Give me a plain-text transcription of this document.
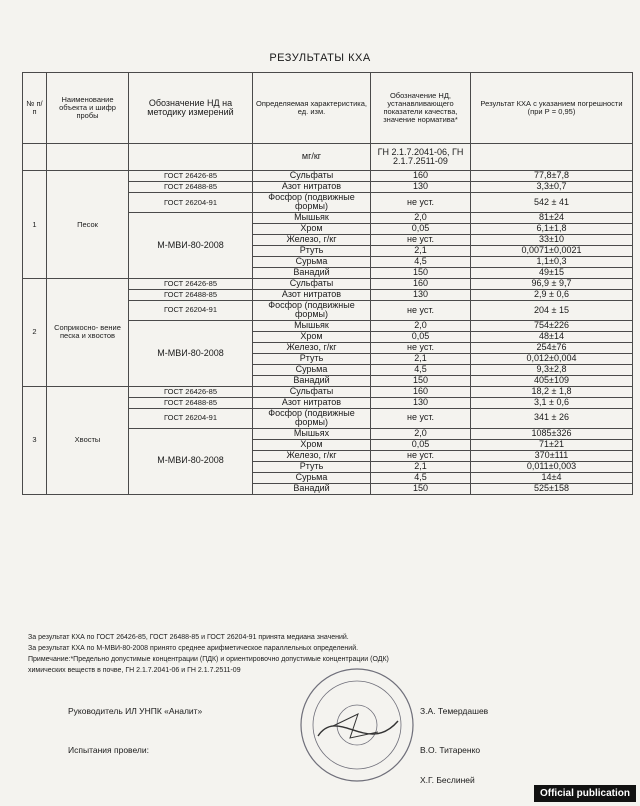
РЕЗУЛЬТАТЫ КХА
№ п/п	Наименование объекта и шифр пробы	Обозначение НД на методику измерений	Определяемая характеристика, ед. изм.	Обозначение НД, устанавливающего показатели качества, значение норматива*	Результат КХА с указанием погрешности (при Р = 0,95)
			мг/кг	ГН 2.1.7.2041-06, ГН 2.1.7.2511-09	
1	Песок	ГОСТ 26426-85	Сульфаты	160	77,8±7,8
		ГОСТ 26488-85	Азот нитратов	130	3,3±0,7
		ГОСТ 26204-91	Фосфор (подвижные формы)	не уст.	542 ± 41
		М-МВИ-80-2008	Мышьяк	2,0	81±24
			Хром	0,05	6,1±1,8
			Железо, г/кг	не уст.	33±10
			Ртуть	2,1	0,0071±0,0021
			Сурьма	4,5	1,1±0,3
			Ванадий	150	49±15
2	Соприкосно- вение песка и хвостов	ГОСТ 26426-85	Сульфаты	160	96,9 ± 9,7
		ГОСТ 26488-85	Азот нитратов	130	2,9 ± 0,6
		ГОСТ 26204-91	Фосфор (подвижные формы)	не уст.	204 ± 15
		М-МВИ-80-2008	Мышьяк	2,0	754±226
			Хром	0,05	48±14
			Железо, г/кг	не уст.	254±76
			Ртуть	2,1	0,012±0,004
			Сурьма	4,5	9,3±2,8
			Ванадий	150	405±109
3	Хвосты	ГОСТ 26426-85	Сульфаты	160	18,2 ± 1,8
		ГОСТ 26488-85	Азот нитратов	130	3,1 ± 0,6
		ГОСТ 26204-91	Фосфор (подвижные формы)	не уст.	341 ± 26
		М-МВИ-80-2008	Мышьях	2,0	1085±326
			Хром	0,05	71±21
			Железо, г/кг	не уст.	370±111
			Ртуть	2,1	0,011±0,003
			Сурьма	4,5	14±4
			Ванадий	150	525±158
За результат КХА по ГОСТ 26426-85, ГОСТ 26488-85 и ГОСТ 26204-91 принята медиана значений.
За результат КХА по М-МВИ-80-2008 принято среднее арифметическое параллельных определений.
Примечание:*Предельно допустимые концентрации (ПДК) и ориентировочно допустимые концентрации (ОДК)
химических веществ в почве, ГН 2.1.7.2041-06 и ГН 2.1.7.2511-09
Руководитель ИЛ УНПК «Аналит»	З.А. Темердашев
Испытания провели:	В.О. Титаренко
Х.Г. Беслиней
Official publication
